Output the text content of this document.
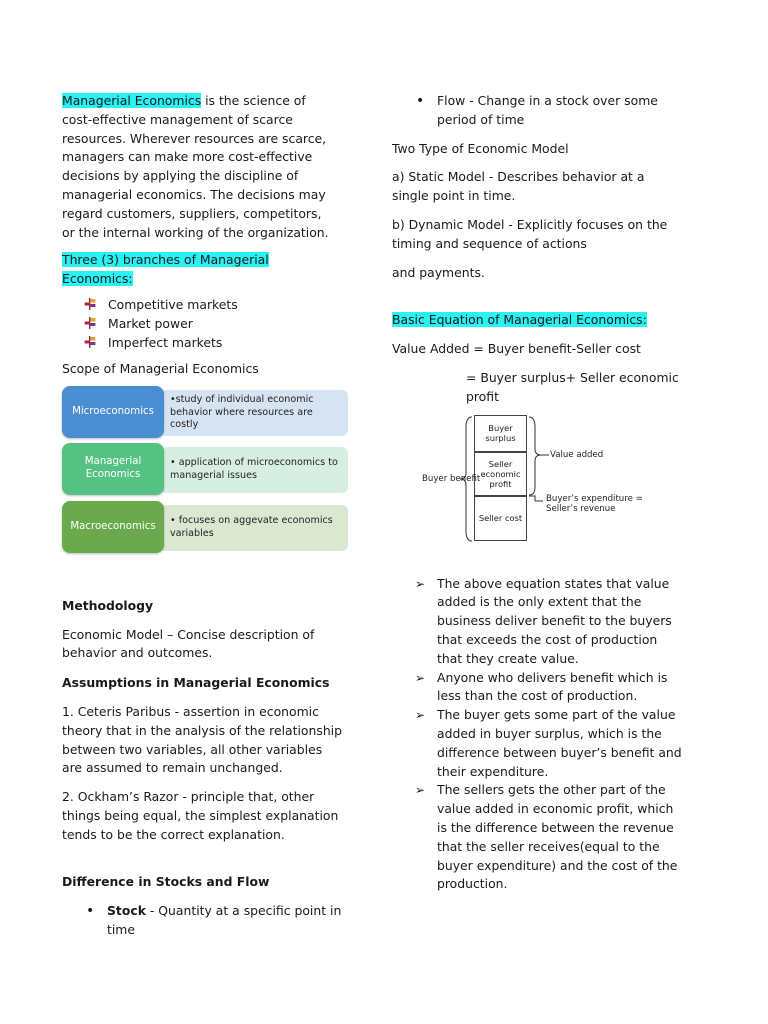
Managerial Economics is the science of cost-effective management of scarce resources. Wherever resources are scarce, managers can make more cost-effective decisions by applying the discipline of managerial economics. The decisions may regard customers, suppliers, competitors, or the internal working of the organization.

Three (3) branches of Managerial Economics:

Competitive markets
Market power
Imperfect markets

Scope of Managerial Economics

•study of individual economic behavior where resources are costly
Microeconomics
• application of microeconomics to managerial issues
Managerial Economics
• focuses on aggevate economics variables
Macroeconomics

Methodology

Economic Model – Concise description of behavior and outcomes.

Assumptions in Managerial Economics

1. Ceteris Paribus - assertion in economic theory that in the analysis of the relationship between two variables, all other variables are assumed to remain unchanged.

2. Ockham’s Razor - principle that, other things being equal, the simplest explanation tends to be the correct explanation.

Difference in Stocks and Flow

• Stock - Quantity at a specific point in time
• Flow - Change in a stock over some period of time

Two Type of Economic Model

a) Static Model - Describes behavior at a single point in time.

b) Dynamic Model - Explicitly focuses on the timing and sequence of actions

and payments.

Basic Equation of Managerial Economics:

Value Added = Buyer benefit-Seller cost

= Buyer surplus+ Seller economic profit

Buyer surplus
Seller economic profit
Seller cost
Buyer benefit
Value added
Buyer’s expenditure = Seller’s revenue
➢ The above equation states that value added is the only extent that the business deliver benefit to the buyers that exceeds the cost of production that they create value.
➢ Anyone who delivers benefit which is less than the cost of production.
➢ The buyer gets some part of the value added in buyer surplus, which is the difference between buyer’s benefit and their expenditure.
➢ The sellers gets the other part of the value added in economic profit, which is the difference between the revenue that the seller receives(equal to the buyer expenditure) and the cost of the production.
